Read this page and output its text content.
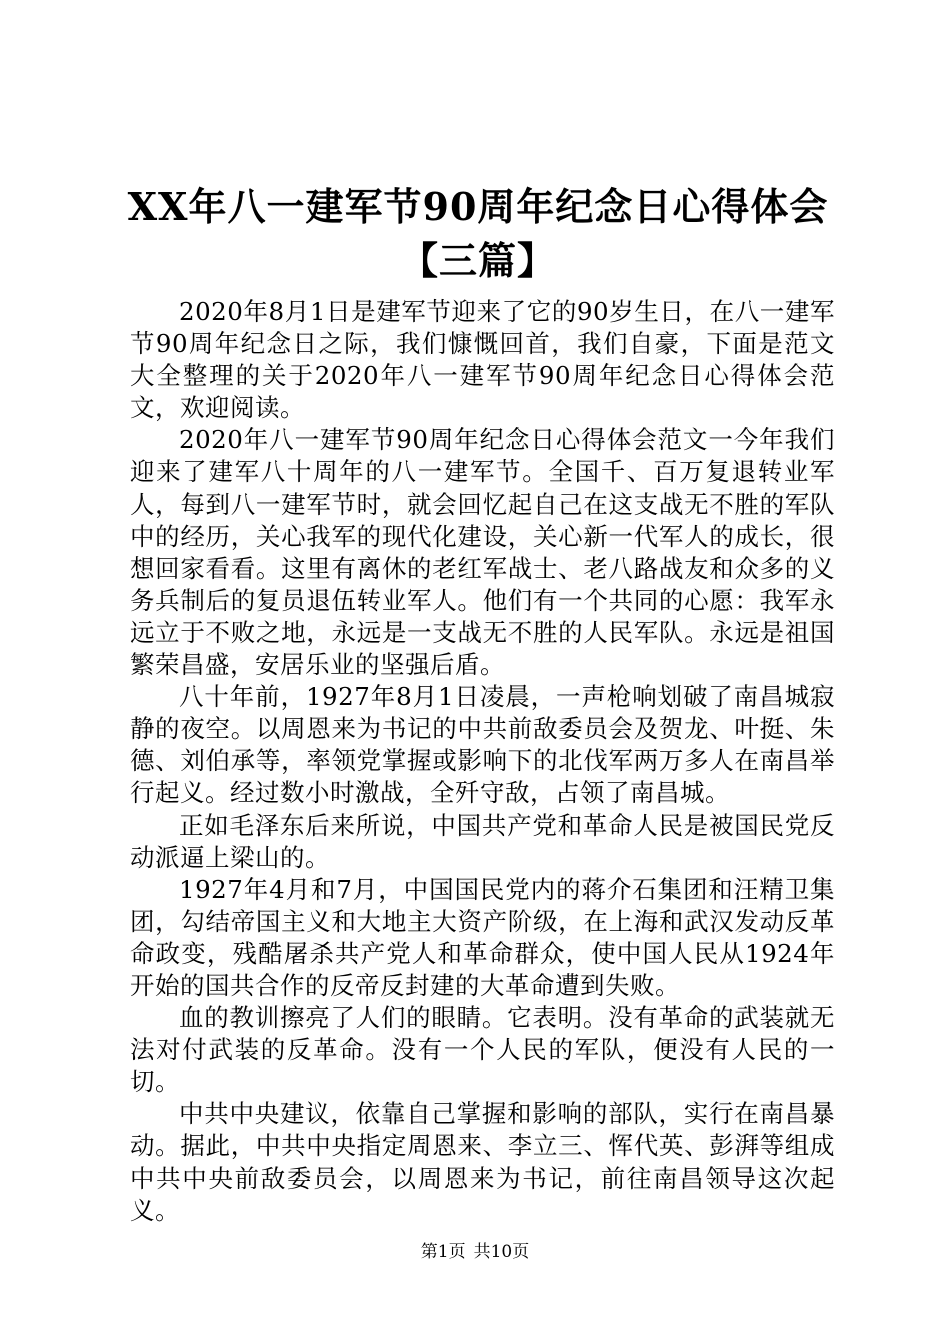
XX年八一建军节90周年纪念日心得体会【三篇】

2020年8月1日是建军节迎来了它的90岁生日，在八一建军节90周年纪念日之际，我们慷慨回首，我们自豪，下面是范文大全整理的关于2020年八一建军节90周年纪念日心得体会范文，欢迎阅读。

2020年八一建军节90周年纪念日心得体会范文一今年我们迎来了建军八十周年的八一建军节。全国千、百万复退转业军人，每到八一建军节时，就会回忆起自己在这支战无不胜的军队中的经历，关心我军的现代化建设，关心新一代军人的成长，很想回家看看。这里有离休的老红军战士、老八路战友和众多的义务兵制后的复员退伍转业军人。他们有一个共同的心愿：我军永远立于不败之地，永远是一支战无不胜的人民军队。永远是祖国繁荣昌盛，安居乐业的坚强后盾。

八十年前，1927年8月1日凌晨，一声枪响划破了南昌城寂静的夜空。以周恩来为书记的中共前敌委员会及贺龙、叶挺、朱德、刘伯承等，率领党掌握或影响下的北伐军两万多人在南昌举行起义。经过数小时激战，全歼守敌，占领了南昌城。

正如毛泽东后来所说，中国共产党和革命人民是被国民党反动派逼上梁山的。

1927年4月和7月，中国国民党内的蒋介石集团和汪精卫集团，勾结帝国主义和大地主大资产阶级，在上海和武汉发动反革命政变，残酷屠杀共产党人和革命群众，使中国人民从1924年开始的国共合作的反帝反封建的大革命遭到失败。

血的教训擦亮了人们的眼睛。它表明。没有革命的武装就无法对付武装的反革命。没有一个人民的军队，便没有人民的一切。

中共中央建议，依靠自己掌握和影响的部队，实行在南昌暴动。据此，中共中央指定周恩来、李立三、恽代英、彭湃等组成中共中央前敌委员会，以周恩来为书记，前往南昌领导这次起义。

第1页 共10页
